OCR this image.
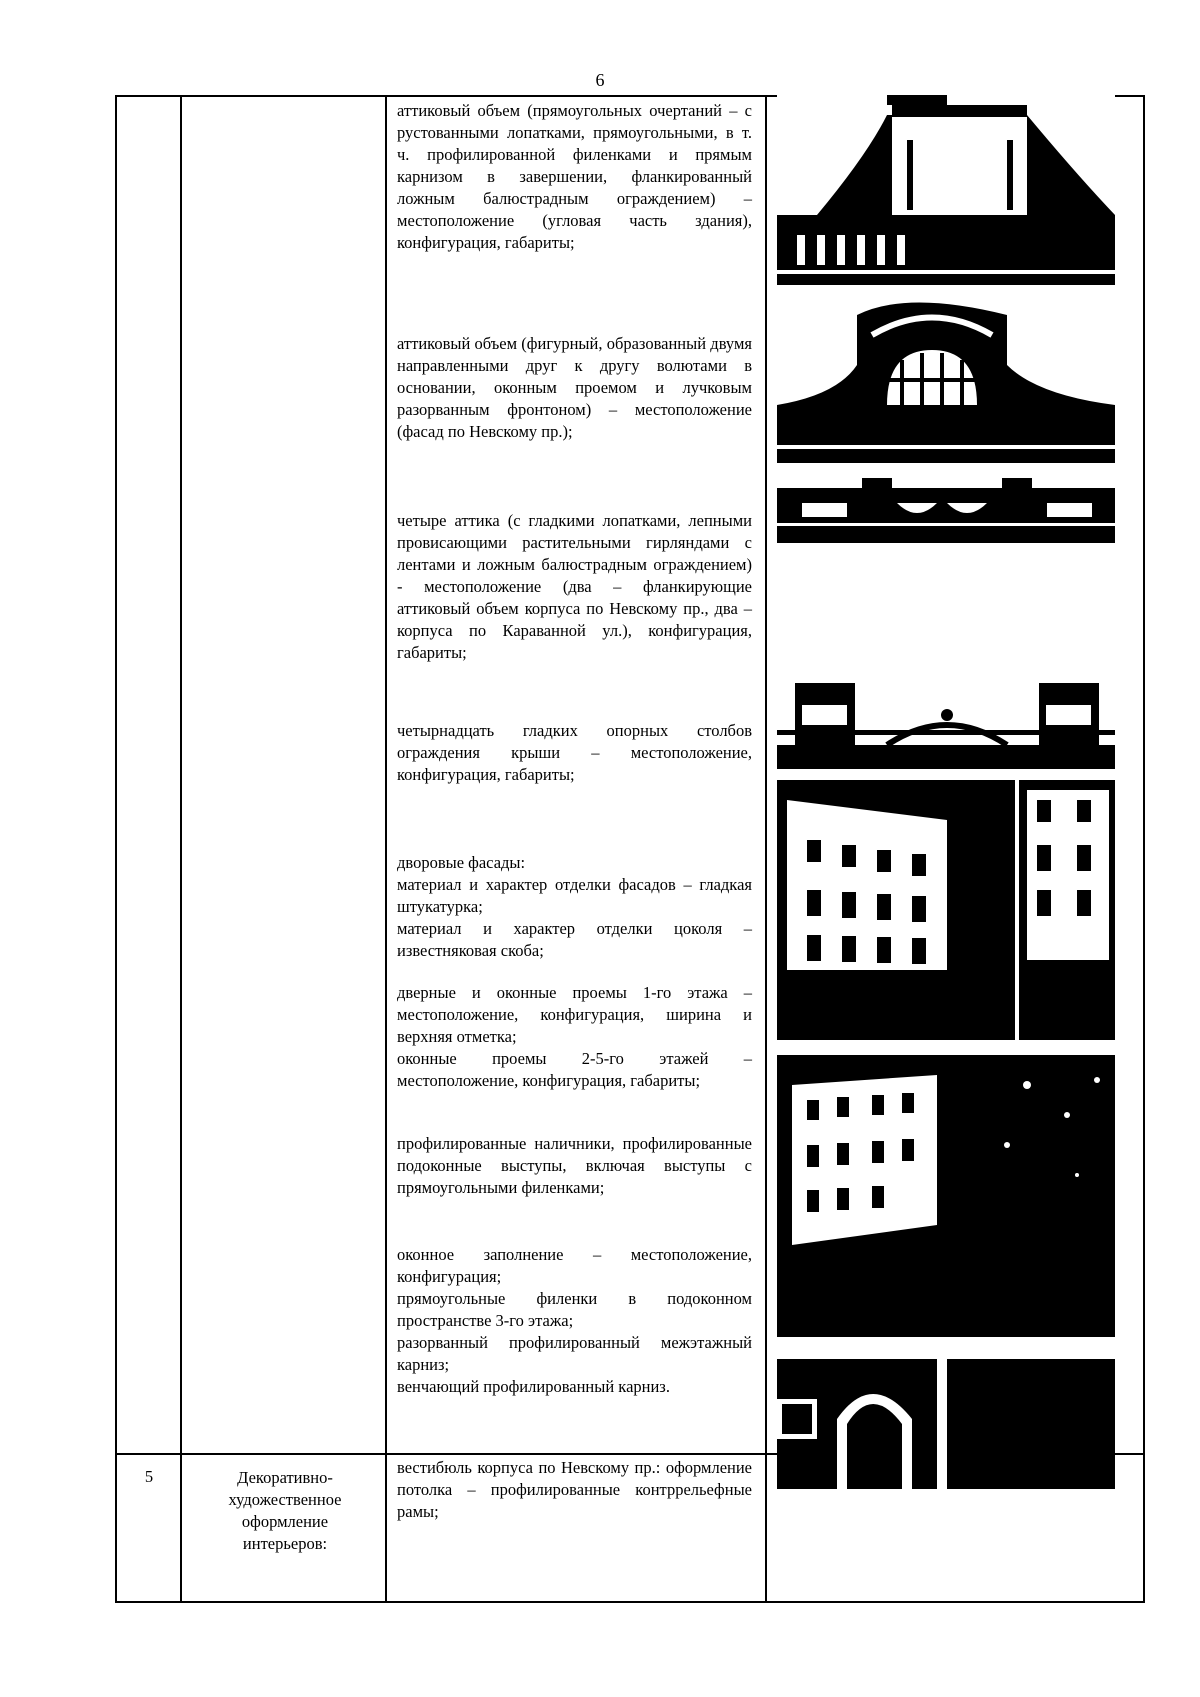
6

аттиковый объем (прямоугольных очертаний – с рустованными лопатками, прямоугольными, в т. ч. профилированной филенками и прямым карнизом в завершении, фланкированный ложным балюстрадным ограждением) – местоположение (угловая часть здания), конфигурация, габариты;

аттиковый объем (фигурный, образованный двумя направленными друг к другу волютами в основании, оконным проемом и лучковым разорванным фронтоном) – местоположение (фасад по Невскому пр.);

четыре аттика (с гладкими лопатками, лепными провисающими растительными гирляндами с лентами и ложным балюстрадным ограждением) - местоположение (два – фланкирующие аттиковый объем корпуса по Невскому пр., два – корпуса по Караванной ул.), конфигурация, габариты;

четырнадцать гладких опорных столбов ограждения крыши – местоположение, конфигурация, габариты;

дворовые фасады:

материал и характер отделки фасадов – гладкая штукатурка;

материал и характер отделки цоколя – известняковая скоба;

дверные и оконные проемы 1-го этажа – местоположение, конфигурация, ширина и верхняя отметка;

оконные проемы 2-5-го этажей – местоположение, конфигурация, габариты;

профилированные наличники, профилированные подоконные выступы, включая выступы с прямоугольными филенками;

оконное заполнение – местоположение, конфигурация;

прямоугольные филенки в подоконном пространстве 3-го этажа;

разорванный профилированный межэтажный карниз;

венчающий профилированный карниз.

5	Декоративно-
художественное
оформление
интерьеров:

вестибюль корпуса по Невскому пр.: оформление потолка – профилированные контррельефные рамы;
